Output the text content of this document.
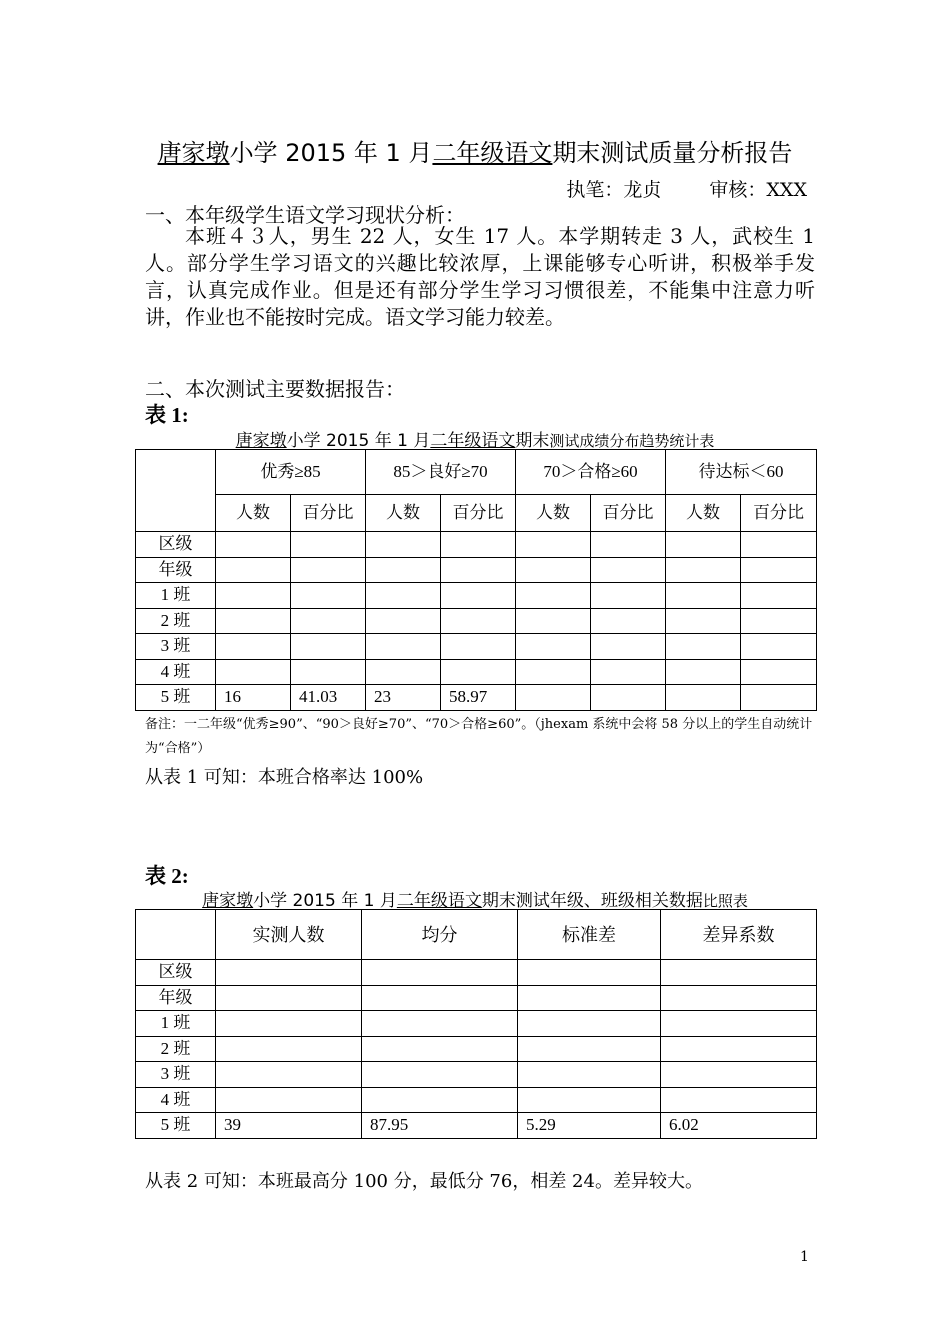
唐家墩小学 2015 年 1 月二年级语文期末测试质量分析报告
执笔：龙贞	审核：XXX
一、本年级学生语文学习现状分析：
本班４３人，男生 22 人，女生 17 人。本学期转走 3 人，武校生 1 人。部分学生学习语文的兴趣比较浓厚，上课能够专心听讲，积极举手发言，认真完成作业。但是还有部分学生学习习惯很差，不能集中注意力听讲，作业也不能按时完成。语文学习能力较差。
二、本次测试主要数据报告：
表 1:
唐家墩小学 2015 年 1 月二年级语文期末测试成绩分布趋势统计表
	优秀≥85		85＞良好≥70		70＞合格≥60		待达标＜60	
	人数	百分比	人数	百分比	人数	百分比	人数	百分比
区级								
年级								
1 班								
2 班								
3 班								
4 班								
5 班	16	41.03	23	58.97				
备注：一二年级“优秀≥90”、“90＞良好≥70”、“70＞合格≥60”。（jhexam 系统中会将 58 分以上的学生自动统计为“合格”）
从表 1 可知：本班合格率达 100%
表 2:
唐家墩小学 2015 年 1 月二年级语文期末测试年级、班级相关数据比照表
	实测人数	均分	标准差	差异系数
区级				
年级				
1 班				
2 班				
3 班				
4 班				
5 班	39	87.95	5.29	6.02
从表 2 可知：本班最高分 100 分，最低分 76，相差 24。差异较大。
1
